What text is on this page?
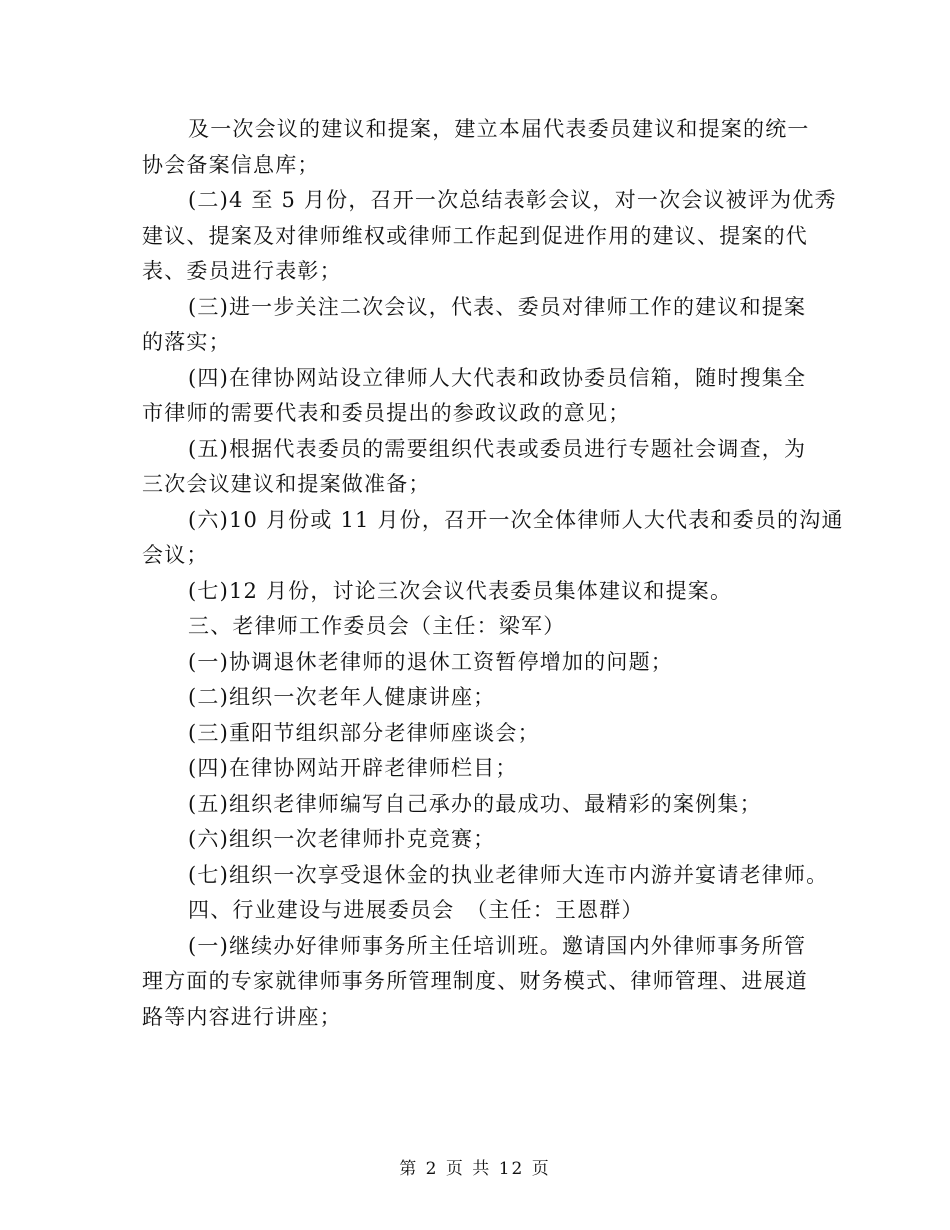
及一次会议的建议和提案，建立本届代表委员建议和提案的统一
协会备案信息库；

(二)4 至 5 月份，召开一次总结表彰会议，对一次会议被评为优秀
建议、提案及对律师维权或律师工作起到促进作用的建议、提案的代
表、委员进行表彰；

(三)进一步关注二次会议，代表、委员对律师工作的建议和提案
的落实；

(四)在律协网站设立律师人大代表和政协委员信箱，随时搜集全
市律师的需要代表和委员提出的参政议政的意见；

(五)根据代表委员的需要组织代表或委员进行专题社会调查，为
三次会议建议和提案做准备；

(六)10 月份或 11 月份，召开一次全体律师人大代表和委员的沟通
会议；

(七)12 月份，讨论三次会议代表委员集体建议和提案。

三、老律师工作委员会（主任：梁军）

(一)协调退休老律师的退休工资暂停增加的问题；

(二)组织一次老年人健康讲座；

(三)重阳节组织部分老律师座谈会；

(四)在律协网站开辟老律师栏目；

(五)组织老律师编写自己承办的最成功、最精彩的案例集；

(六)组织一次老律师扑克竞赛；

(七)组织一次享受退休金的执业老律师大连市内游并宴请老律师。

四、行业建设与进展委员会　（主任：王恩群）

(一)继续办好律师事务所主任培训班。邀请国内外律师事务所管
理方面的专家就律师事务所管理制度、财务模式、律师管理、进展道
路等内容进行讲座；

第 2 页 共 12 页
